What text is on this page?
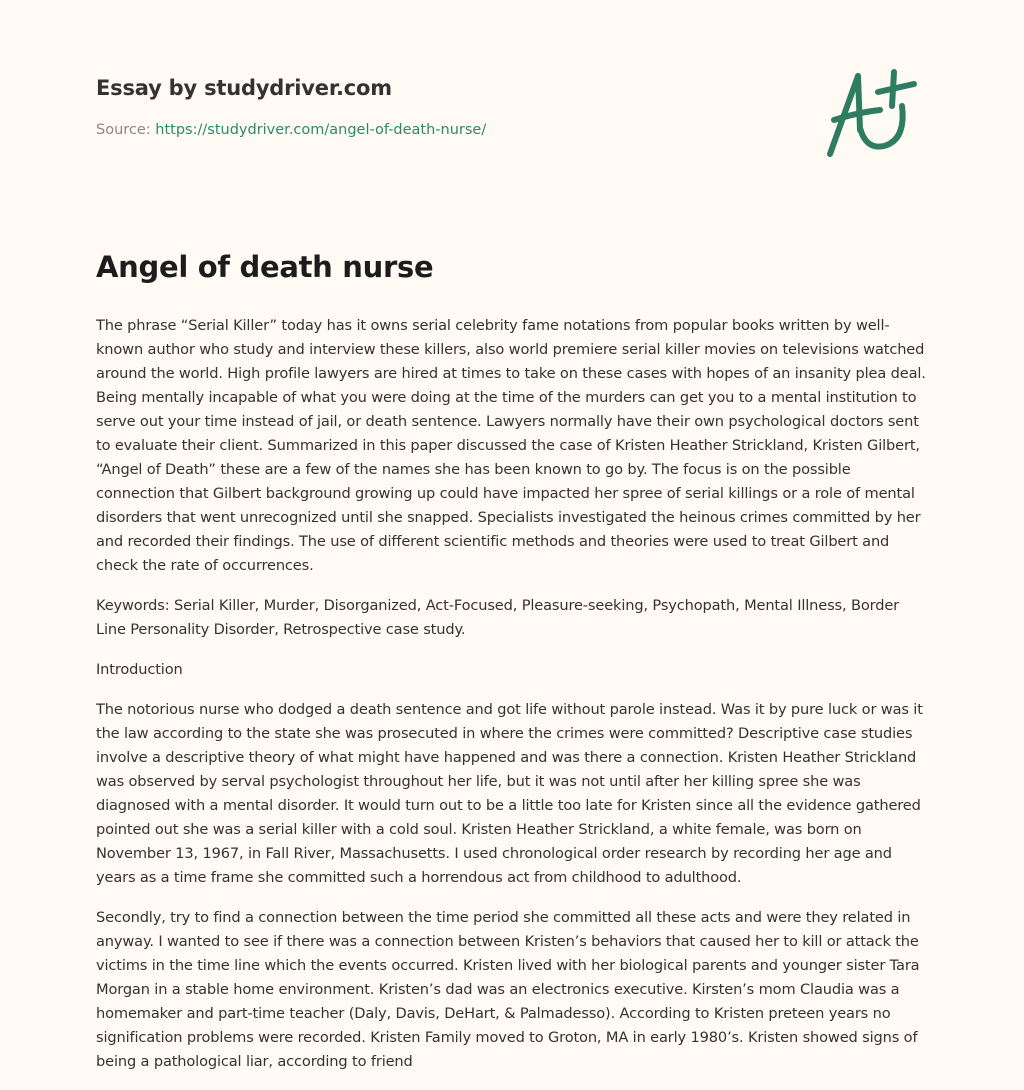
Essay by studydriver.com
Source: https://studydriver.com/angel-of-death-nurse/
Angel of death nurse

The phrase “Serial Killer” today has it owns serial celebrity fame notations from popular books written by well-known author who study and interview these killers, also world premiere serial killer movies on televisions watched around the world. High profile lawyers are hired at times to take on these cases with hopes of an insanity plea deal. Being mentally incapable of what you were doing at the time of the murders can get you to a mental institution to serve out your time instead of jail, or death sentence. Lawyers normally have their own psychological doctors sent to evaluate their client. Summarized in this paper discussed the case of Kristen Heather Strickland, Kristen Gilbert, “Angel of Death” these are a few of the names she has been known to go by. The focus is on the possible connection that Gilbert background growing up could have impacted her spree of serial killings or a role of mental disorders that went unrecognized until she snapped. Specialists investigated the heinous crimes committed by her and recorded their findings. The use of different scientific methods and theories were used to treat Gilbert and check the rate of occurrences.

Keywords: Serial Killer, Murder, Disorganized, Act-Focused, Pleasure-seeking, Psychopath, Mental Illness, Border Line Personality Disorder, Retrospective case study.

Introduction

The notorious nurse who dodged a death sentence and got life without parole instead. Was it by pure luck or was it the law according to the state she was prosecuted in where the crimes were committed? Descriptive case studies involve a descriptive theory of what might have happened and was there a connection. Kristen Heather Strickland was observed by serval psychologist throughout her life, but it was not until after her killing spree she was diagnosed with a mental disorder. It would turn out to be a little too late for Kristen since all the evidence gathered pointed out she was a serial killer with a cold soul. Kristen Heather Strickland, a white female, was born on November 13, 1967, in Fall River, Massachusetts. I used chronological order research by recording her age and years as a time frame she committed such a horrendous act from childhood to adulthood.

Secondly, try to find a connection between the time period she committed all these acts and were they related in anyway. I wanted to see if there was a connection between Kristen’s behaviors that caused her to kill or attack the victims in the time line which the events occurred. Kristen lived with her biological parents and younger sister Tara Morgan in a stable home environment. Kristen’s dad was an electronics executive. Kirsten’s mom Claudia was a homemaker and part-time teacher (Daly, Davis, DeHart, & Palmadesso). According to Kristen preteen years no signification problems were recorded. Kristen Family moved to Groton, MA in early 1980’s. Kristen showed signs of being a pathological liar, according to friend
